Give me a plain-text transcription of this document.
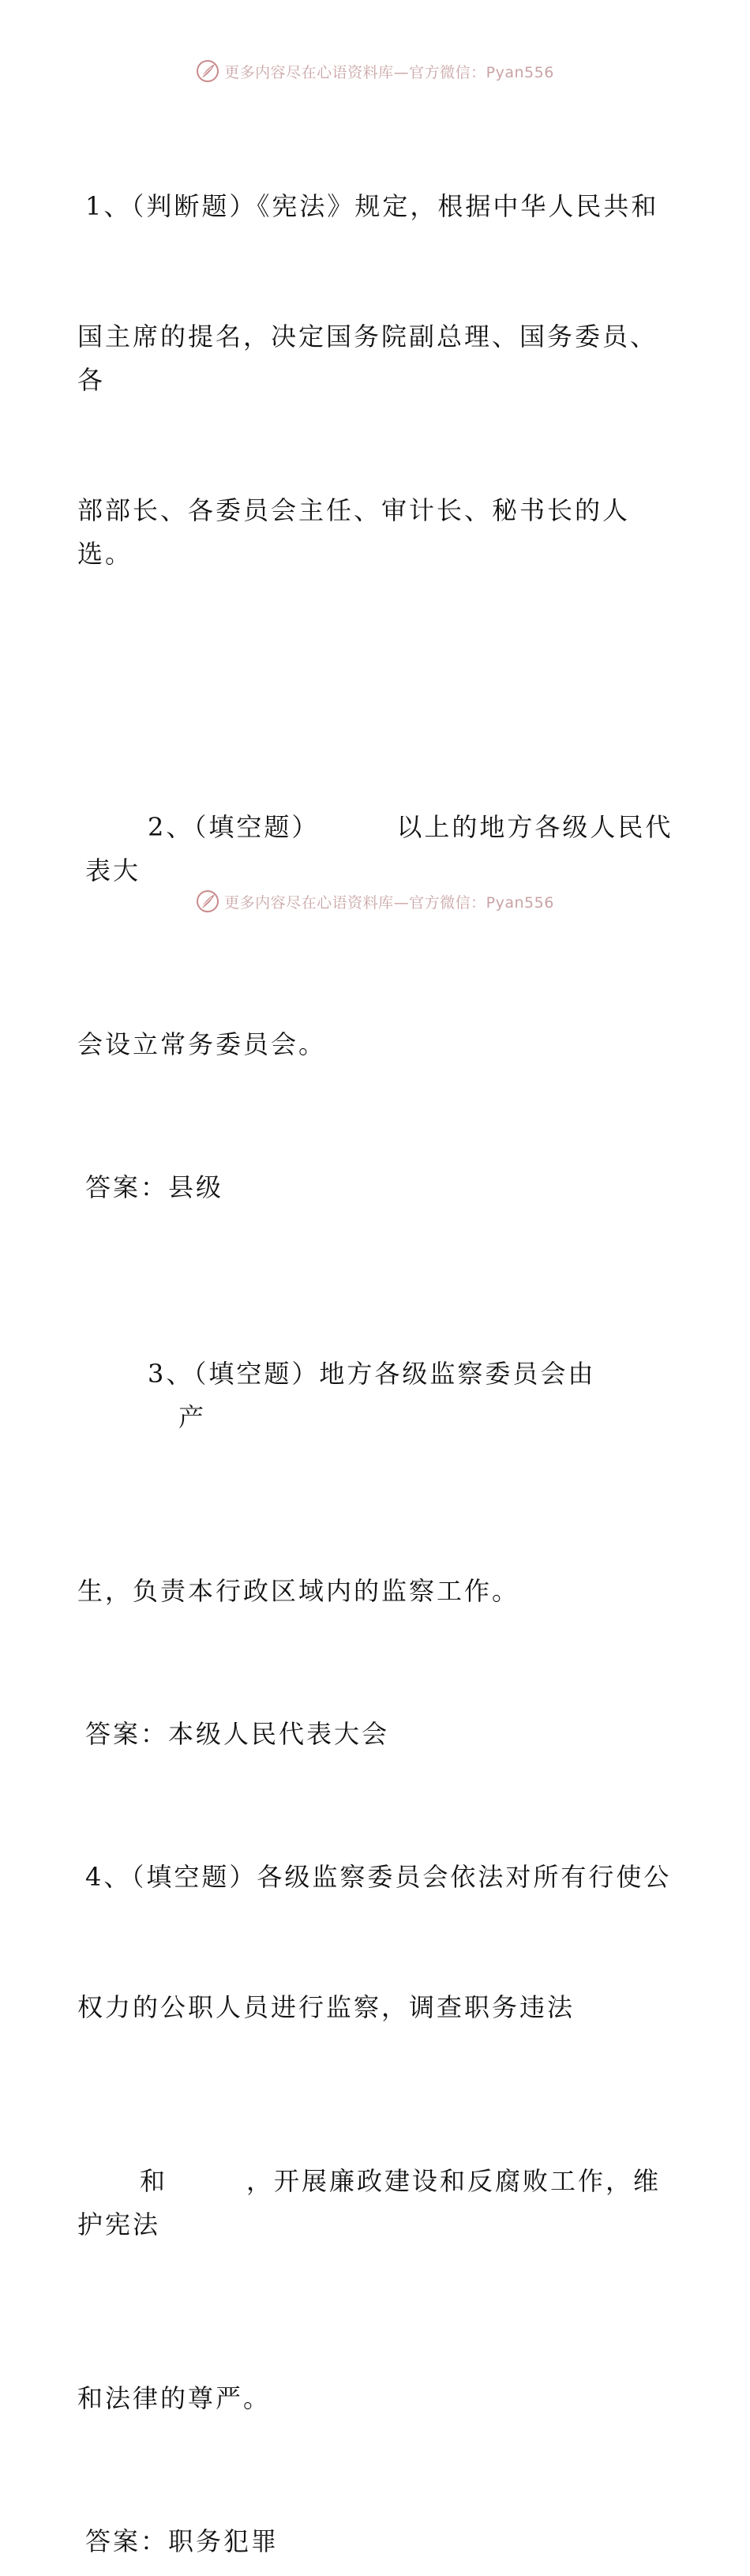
更多内容尽在心语资料库—官方微信：Pyan556

1、（判断题）《宪法》规定，根据中华人民共和

国主席的提名，决定国务院副总理、国务委员、各

部部长、各委员会主任、审计长、秘书长的人选。

2、（填空题）	以上的地方各级人民代表大

会设立常务委员会。

答案：县级

3、（填空题）地方各级监察委员会由产

生，负责本行政区域内的监察工作。

答案：本级人民代表大会

4、（填空题）各级监察委员会依法对所有行使公

权力的公职人员进行监察，调查职务违法

和	，开展廉政建设和反腐败工作，维护宪法

和法律的尊严。

答案：职务犯罪
更多内容尽在心语资料库—官方微信：Pyan556
